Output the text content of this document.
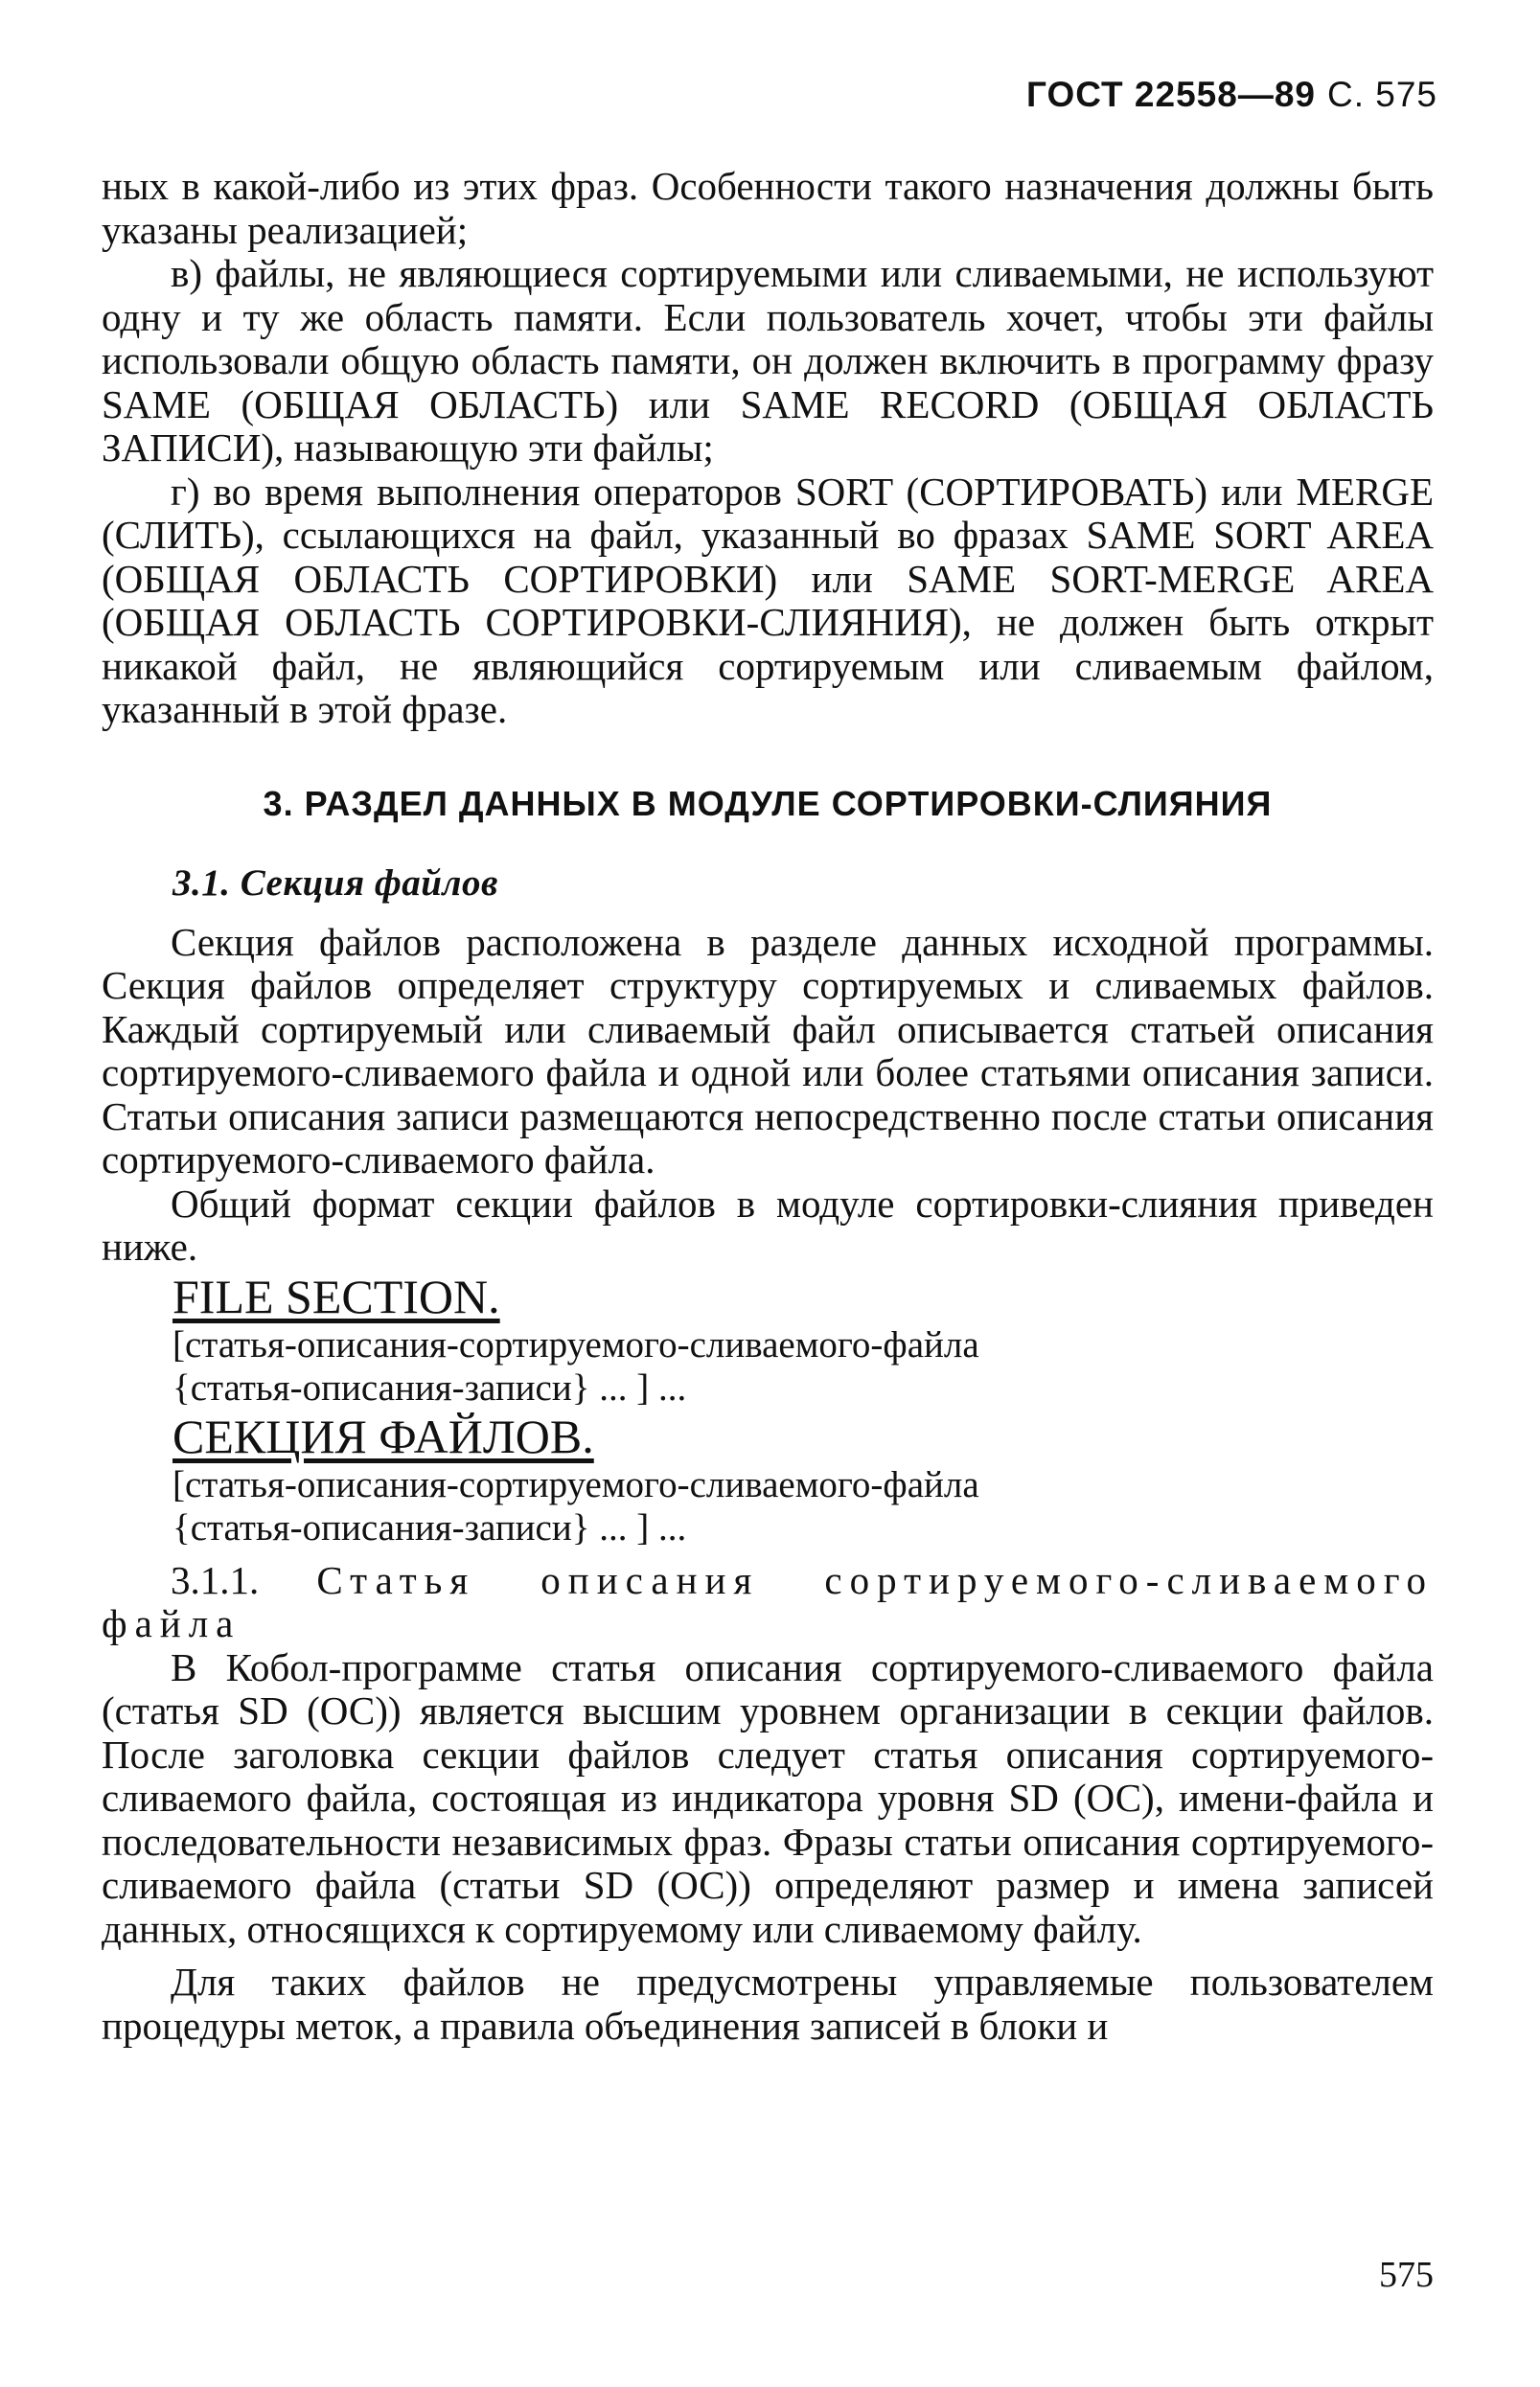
ГОСТ 22558—89 С. 575

ных в какой-либо из этих фраз. Особенности такого назначения должны быть указаны реализацией;

в) файлы, не являющиеся сортируемыми или сливаемыми, не используют одну и ту же область памяти. Если пользователь хочет, чтобы эти файлы использовали общую область памяти, он должен включить в программу фразу SAME (ОБЩАЯ ОБЛАСТЬ) или SAME RECORD (ОБЩАЯ ОБЛАСТЬ ЗАПИСИ), называющую эти файлы;

г) во время выполнения операторов SORT (СОРТИРОВАТЬ) или MERGE (СЛИТЬ), ссылающихся на файл, указанный во фразах SAME SORT AREA (ОБЩАЯ ОБЛАСТЬ СОРТИРОВКИ) или SAME SORT-MERGE AREA (ОБЩАЯ ОБЛАСТЬ СОРТИРОВКИ-СЛИЯНИЯ), не должен быть открыт никакой файл, не являющийся сортируемым или сливаемым файлом, указанный в этой фразе.

3. РАЗДЕЛ ДАННЫХ В МОДУЛЕ СОРТИРОВКИ-СЛИЯНИЯ

3.1. Секция файлов

Секция файлов расположена в разделе данных исходной программы. Секция файлов определяет структуру сортируемых и сливаемых файлов. Каждый сортируемый или сливаемый файл описывается статьей описания сортируемого-сливаемого файла и одной или более статьями описания записи. Статьи описания записи размещаются непосредственно после статьи описания сортируемого-сливаемого файла.

Общий формат секции файлов в модуле сортировки-слияния приведен ниже.

FILE SECTION.

[статья-описания-сортируемого-сливаемого-файла

{статья-описания-записи} ... ] ...

СЕКЦИЯ ФАЙЛОВ.

[статья-описания-сортируемого-сливаемого-файла

{статья-описания-записи} ... ] ...

3.1.1. Статья описания сортируемого-сливаемого файла

В Кобол-программе статья описания сортируемого-сливаемого файла (статья SD (ОС)) является высшим уровнем организации в секции файлов. После заголовка секции файлов следует статья описания сортируемого-сливаемого файла, состоящая из индикатора уровня SD (ОС), имени-файла и последовательности независимых фраз. Фразы статьи описания сортируемого-сливаемого файла (статьи SD (ОС)) определяют размер и имена записей данных, относящихся к сортируемому или сливаемому файлу.

Для таких файлов не предусмотрены управляемые пользователем процедуры меток, а правила объединения записей в блоки и

575
